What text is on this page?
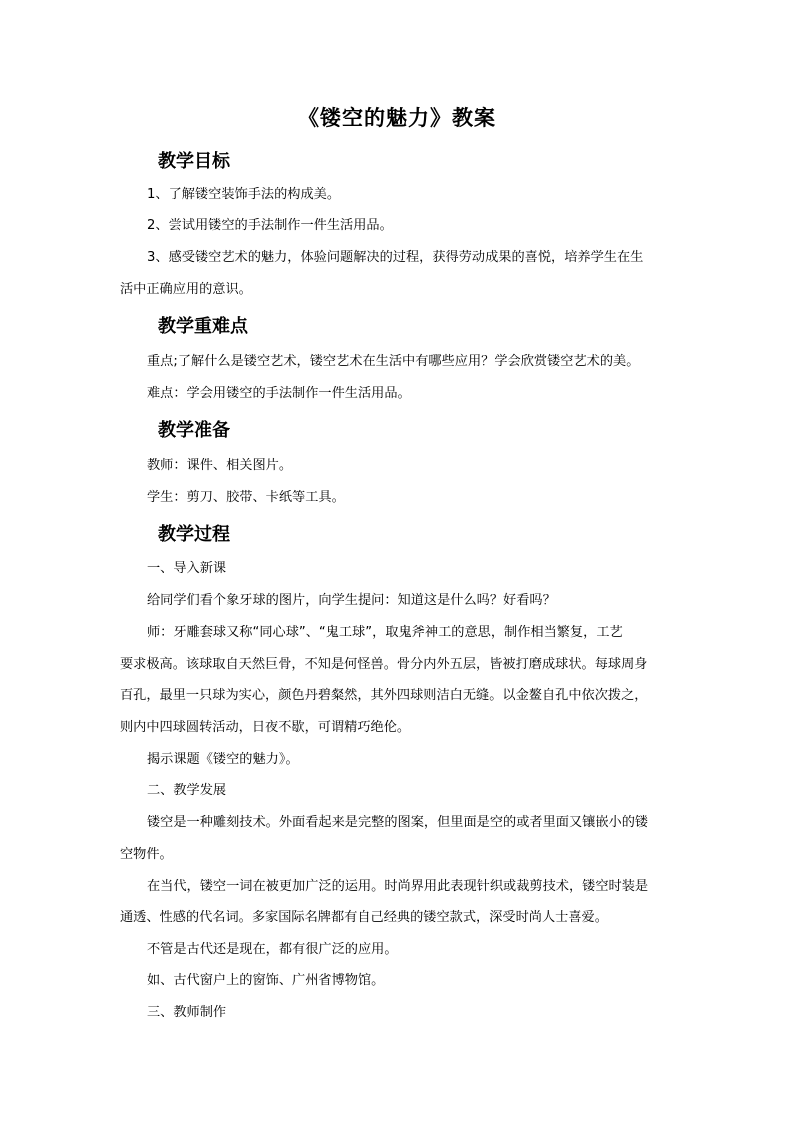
《镂空的魅力》教案
教学目标
1、了解镂空装饰手法的构成美。
2、尝试用镂空的手法制作一件生活用品。
3、感受镂空艺术的魅力，体验问题解决的过程，获得劳动成果的喜悦，培养学生在生
活中正确应用的意识。
教学重难点
重点;了解什么是镂空艺术，镂空艺术在生活中有哪些应用？学会欣赏镂空艺术的美。
难点：学会用镂空的手法制作一件生活用品。
教学准备
教师：课件、相关图片。
学生：剪刀、胶带、卡纸等工具。
教学过程
一、导入新课
给同学们看个象牙球的图片，向学生提问：知道这是什么吗？好看吗？
师：牙雕套球又称“同心球”、“鬼工球”，取鬼斧神工的意思，制作相当繁复，工艺
要求极高。该球取自天然巨骨，不知是何怪兽。骨分内外五层，皆被打磨成球状。每球周身
百孔，最里一只球为实心，颜色丹碧粲然，其外四球则洁白无缝。以金鳌自孔中依次拨之，
则内中四球圆转活动，日夜不歇，可谓精巧绝伦。
揭示课题《镂空的魅力》。
二、教学发展
镂空是一种雕刻技术。外面看起来是完整的图案，但里面是空的或者里面又镶嵌小的镂
空物件。
在当代，镂空一词在被更加广泛的运用。时尚界用此表现针织或裁剪技术，镂空时装是
通透、性感的代名词。多家国际名牌都有自己经典的镂空款式，深受时尚人士喜爱。
不管是古代还是现在，都有很广泛的应用。
如、古代窗户上的窗饰、广州省博物馆。
三、教师制作
